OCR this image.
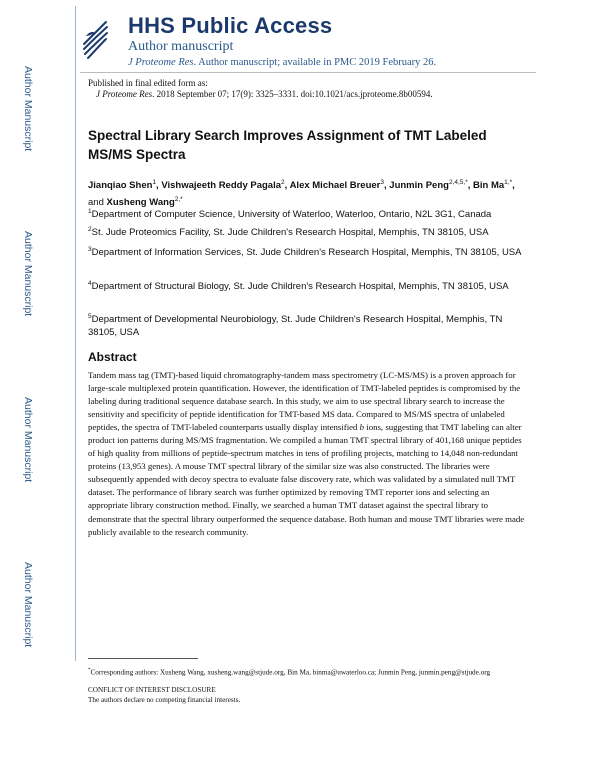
Author Manuscript
Author Manuscript
Author Manuscript
Author Manuscript
HHS Public Access
Author manuscript
J Proteome Res. Author manuscript; available in PMC 2019 February 26.
Published in final edited form as:
J Proteome Res. 2018 September 07; 17(9): 3325–3331. doi:10.1021/acs.jproteome.8b00594.
Spectral Library Search Improves Assignment of TMT Labeled MS/MS Spectra
Jianqiao Shen$^1$, Vishwajeeth Reddy Pagala$^2$, Alex Michael Breuer$^3$, Junmin Peng$^{2,4,5,*}$, Bin $Ma^{1,*}$, and Xusheng Wang$^{2,*}$
$^1$Department of Computer Science, University of Waterloo, Waterloo, Ontario, N2L 3G1, Canada
$^2$St. Jude Proteomics Facility, St. Jude Children's Research Hospital, Memphis, TN 38105, USA
$^3$Department of Information Services, St. Jude Children's Research Hospital, Memphis, TN 38105, USA
$^4$Department of Structural Biology, St. Jude Children's Research Hospital, Memphis, TN 38105, USA
$^5$Department of Developmental Neurobiology, St. Jude Children's Research Hospital, Memphis, TN 38105, USA
Abstract
Tandem mass tag (TMT)-based liquid chromatography-tandem mass spectrometry (LC-MS/MS) is a proven approach for large-scale multiplexed protein quantification. However, the identification of TMT-labeled peptides is compromised by the labeling during traditional sequence database search. In this study, we aim to use spectral library search to increase the sensitivity and specificity of peptide identification for TMT-based MS data. Compared to MS/MS spectra of unlabeled peptides, the spectra of TMT-labeled counterparts usually display intensified b ions, suggesting that TMT labeling can alter product ion patterns during MS/MS fragmentation. We compiled a human TMT spectral library of 401,168 unique peptides of high quality from millions of peptide-spectrum matches in tens of profiling projects, matching to 14,048 non-redundant proteins (13,953 genes). A mouse TMT spectral library of the similar size was also constructed. The libraries were subsequently appended with decoy spectra to evaluate false discovery rate, which was validated by a simulated null TMT dataset. The performance of library search was further optimized by removing TMT reporter ions and selecting an appropriate library construction method. Finally, we searched a human TMT dataset against the spectral library to demonstrate that the spectral library outperformed the sequence database. Both human and mouse TMT libraries were made publicly available to the research community.
*Corresponding authors: Xusheng Wang, xusheng.wang@stjude.org, Bin Ma, binma@uwaterloo.ca; Junmin Peng, junmin.peng@stjude.org
CONFLICT OF INTEREST DISCLOSURE
The authors declare no competing financial interests.
